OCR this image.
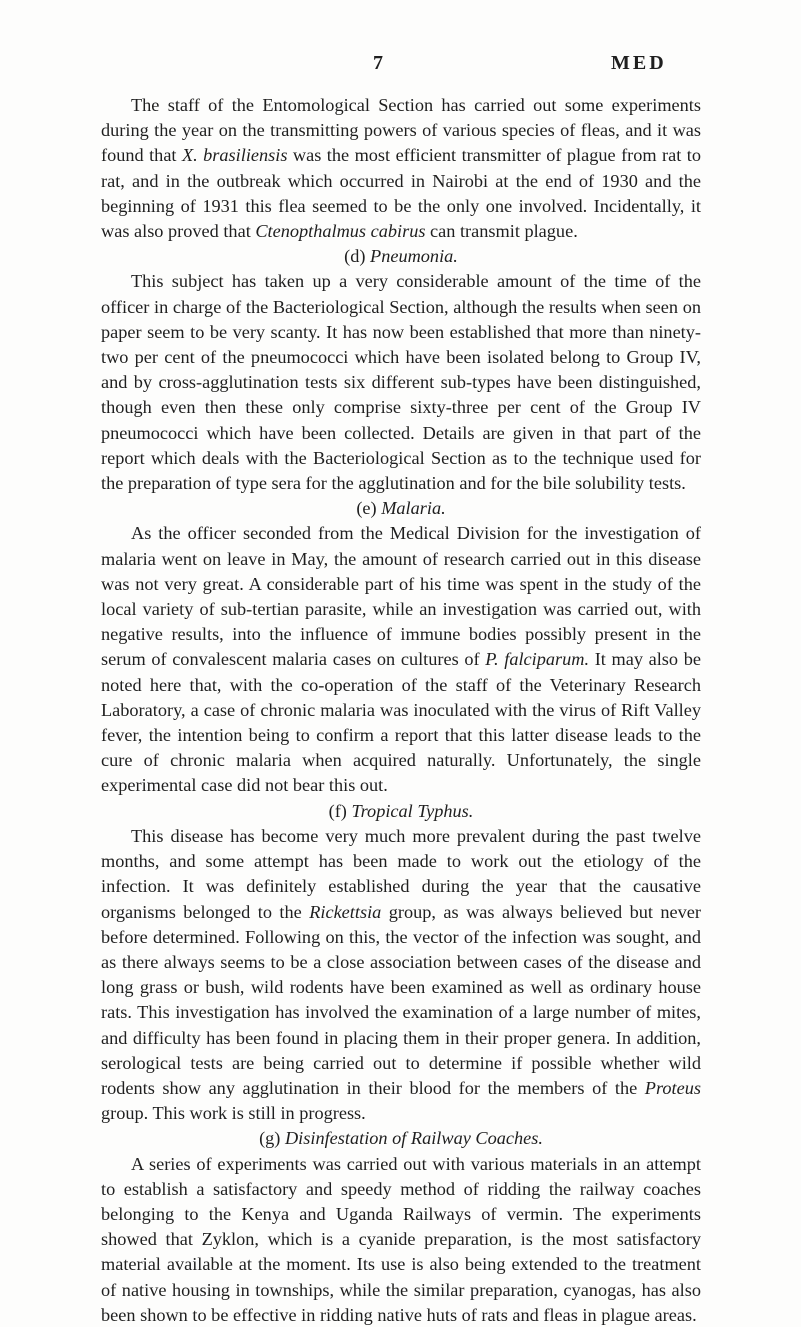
7	MED

The staff of the Entomological Section has carried out some experiments during the year on the transmitting powers of various species of fleas, and it was found that X. brasiliensis was the most efficient transmitter of plague from rat to rat, and in the outbreak which occurred in Nairobi at the end of 1930 and the beginning of 1931 this flea seemed to be the only one involved. Incidentally, it was also proved that Ctenopthalmus cabirus can transmit plague.

(d) Pneumonia.

This subject has taken up a very considerable amount of the time of the officer in charge of the Bacteriological Section, although the results when seen on paper seem to be very scanty. It has now been established that more than ninety-two per cent of the pneumococci which have been isolated belong to Group IV, and by cross-agglutination tests six different sub-types have been distinguished, though even then these only comprise sixty-three per cent of the Group IV pneumococci which have been collected. Details are given in that part of the report which deals with the Bacteriological Section as to the technique used for the preparation of type sera for the agglutination and for the bile solubility tests.

(e) Malaria.

As the officer seconded from the Medical Division for the investigation of malaria went on leave in May, the amount of research carried out in this disease was not very great. A considerable part of his time was spent in the study of the local variety of sub-tertian parasite, while an investigation was carried out, with negative results, into the influence of immune bodies possibly present in the serum of convalescent malaria cases on cultures of P. falciparum. It may also be noted here that, with the co-operation of the staff of the Veterinary Research Laboratory, a case of chronic malaria was inoculated with the virus of Rift Valley fever, the intention being to confirm a report that this latter disease leads to the cure of chronic malaria when acquired naturally. Unfortunately, the single experimental case did not bear this out.

(f) Tropical Typhus.

This disease has become very much more prevalent during the past twelve months, and some attempt has been made to work out the etiology of the infection. It was definitely established during the year that the causative organisms belonged to the Rickettsia group, as was always believed but never before determined. Following on this, the vector of the infection was sought, and as there always seems to be a close association between cases of the disease and long grass or bush, wild rodents have been examined as well as ordinary house rats. This investigation has involved the examination of a large number of mites, and difficulty has been found in placing them in their proper genera. In addition, serological tests are being carried out to determine if possible whether wild rodents show any agglutination in their blood for the members of the Proteus group. This work is still in progress.

(g) Disinfestation of Railway Coaches.

A series of experiments was carried out with various materials in an attempt to establish a satisfactory and speedy method of ridding the railway coaches belonging to the Kenya and Uganda Railways of vermin. The experiments showed that Zyklon, which is a cyanide preparation, is the most satisfactory material available at the moment. Its use is also being extended to the treatment of native housing in townships, while the similar preparation, cyanogas, has also been shown to be effective in ridding native huts of rats and fleas in plague areas.
